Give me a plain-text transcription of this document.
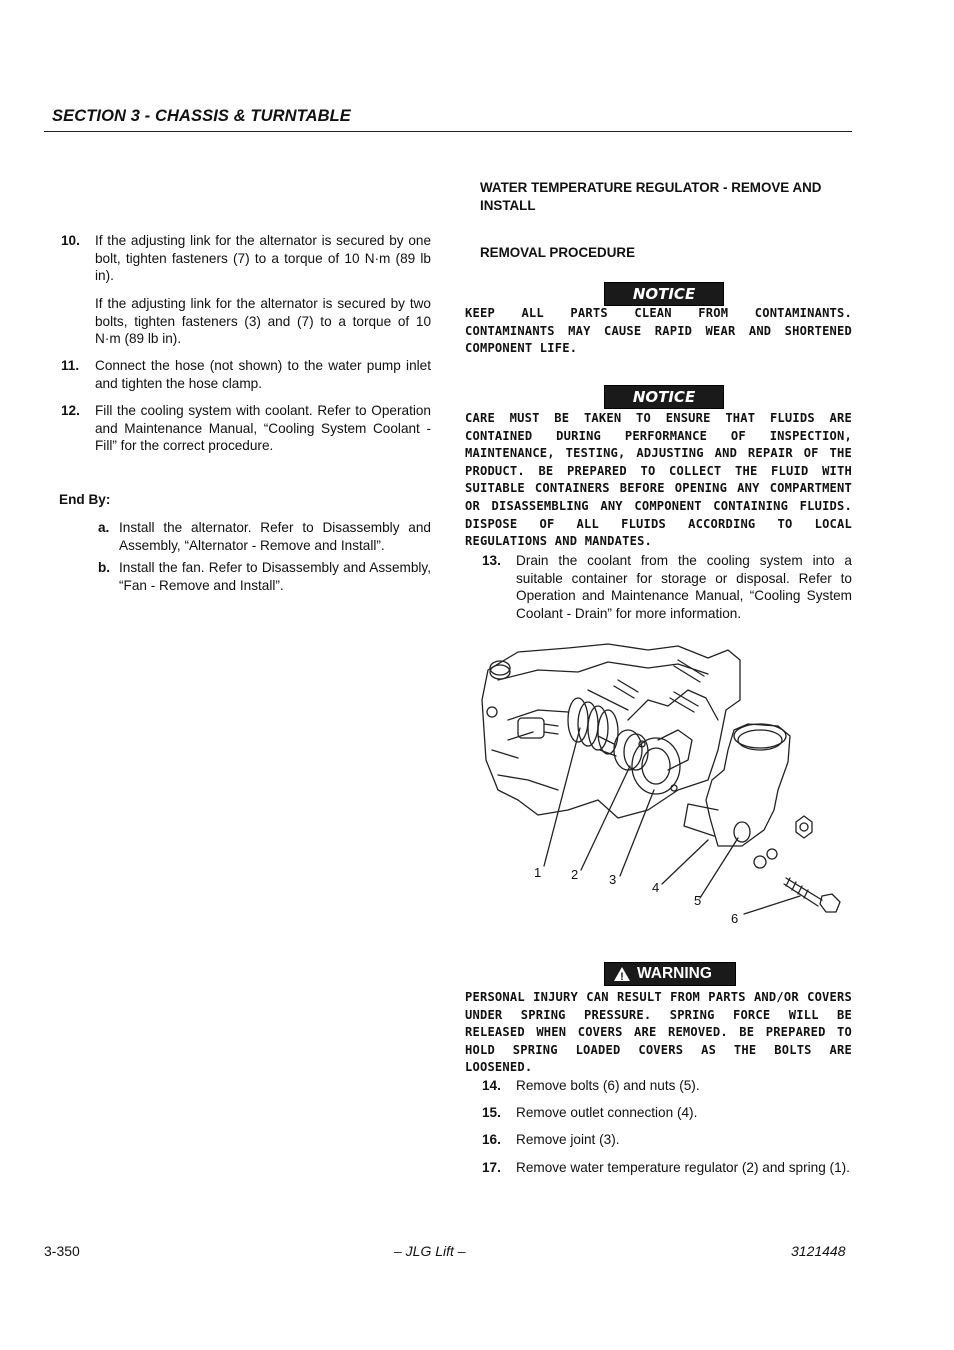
SECTION 3 - CHASSIS & TURNTABLE
10. If the adjusting link for the alternator is secured by one bolt, tighten fasteners (7) to a torque of 10 N·m (89 lb in).
If the adjusting link for the alternator is secured by two bolts, tighten fasteners (3) and (7) to a torque of 10 N·m (89 lb in).
11. Connect the hose (not shown) to the water pump inlet and tighten the hose clamp.
12. Fill the cooling system with coolant. Refer to Operation and Maintenance Manual, “Cooling System Coolant - Fill” for the correct procedure.
End By:
a. Install the alternator. Refer to Disassembly and Assembly, “Alternator - Remove and Install”.
b. Install the fan. Refer to Disassembly and Assembly, “Fan - Remove and Install”.
WATER TEMPERATURE REGULATOR - REMOVE AND INSTALL
REMOVAL PROCEDURE
NOTICE
KEEP ALL PARTS CLEAN FROM CONTAMINANTS. CONTAMINANTS MAY CAUSE RAPID WEAR AND SHORTENED COMPONENT LIFE.
NOTICE
CARE MUST BE TAKEN TO ENSURE THAT FLUIDS ARE CONTAINED DURING PERFORMANCE OF INSPECTION, MAINTENANCE, TESTING, ADJUSTING AND REPAIR OF THE PRODUCT. BE PREPARED TO COLLECT THE FLUID WITH SUITABLE CONTAINERS BEFORE OPENING ANY COMPARTMENT OR DISASSEMBLING ANY COMPONENT CONTAINING FLUIDS. DISPOSE OF ALL FLUIDS ACCORDING TO LOCAL REGULATIONS AND MANDATES.
13. Drain the coolant from the cooling system into a suitable container for storage or disposal. Refer to Operation and Maintenance Manual, “Cooling System Coolant - Drain” for more information.
1 2 3
4
5
6
! WARNING
PERSONAL INJURY CAN RESULT FROM PARTS AND/OR COVERS UNDER SPRING PRESSURE. SPRING FORCE WILL BE RELEASED WHEN COVERS ARE REMOVED. BE PREPARED TO HOLD SPRING LOADED COVERS AS THE BOLTS ARE LOOSENED.
14. Remove bolts (6) and nuts (5).
15. Remove outlet connection (4).
16. Remove joint (3).
17. Remove water temperature regulator (2) and spring (1).
3-350	– JLG Lift –	3121448
